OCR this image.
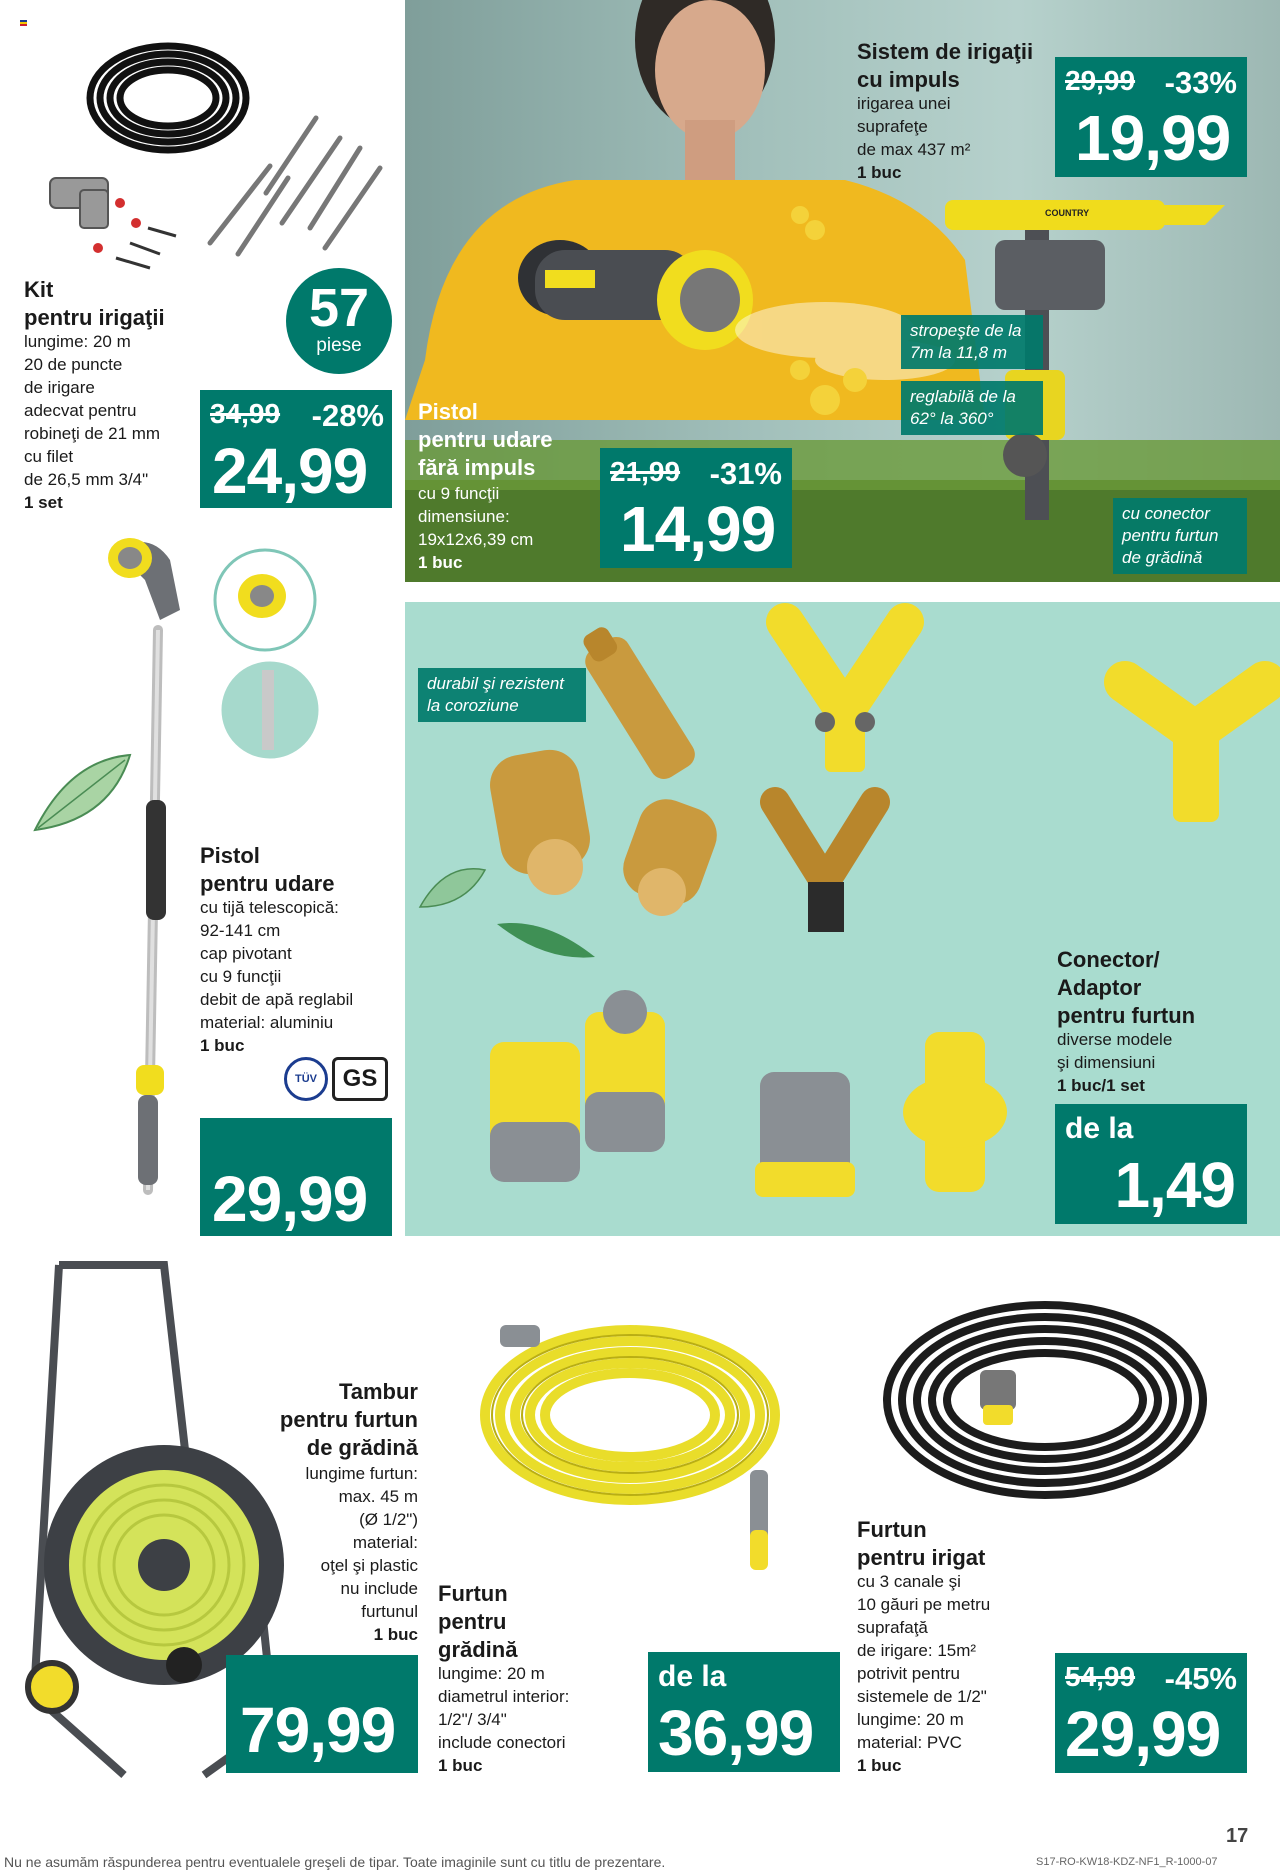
Kit
pentru irigaţii
lungime: 20 m
20 de puncte
de irigare
adecvat pentru
robineţi de 21 mm
cu filet
de 26,5 mm 3/4"
1 set
57
piese
34,99 -28%
24,99
COUNTRY
Sistem de irigaţii
cu impuls
irigarea unei
suprafeţe
de max 437 m²
1 buc
29,99 -33%
19,99
stropeşte de la
7m la 11,8 m
reglabilă de la
62° la 360°
cu conector
pentru furtun
de grădină
Pistol
pentru udare
fără impuls
cu 9 funcţii
dimensiune:
19x12x6,39 cm
1 buc
21,99 -31%
14,99
Pistol
pentru udare
cu tijă telescopică:
92-141 cm
cap pivotant
cu 9 funcţii
debit de apă reglabil
material: aluminiu
1 buc
TÜV	GS
29,99
durabil şi rezistent
la coroziune
Conector/
Adaptor
pentru furtun
diverse modele
şi dimensiuni
1 buc/1 set
de la
1,49
Tambur
pentru furtun
de grădină
lungime furtun:
max. 45 m
(Ø 1/2")
material:
oţel şi plastic
nu include
furtunul
1 buc
79,99
Furtun
pentru
grădină
lungime: 20 m
diametrul interior:
1/2"/ 3/4"
include conectori
1 buc
de la
36,99
Furtun
pentru irigat
cu 3 canale şi
10 găuri pe metru
suprafaţă
de irigare: 15m²
potrivit pentru
sistemele de 1/2"
lungime: 20 m
material: PVC
1 buc
54,99 -45%
29,99
17
Nu ne asumăm răspunderea pentru eventualele greşeli de tipar. Toate imaginile sunt cu titlu de prezentare.	S17-RO-KW18-KDZ-NF1_R-1000-07
